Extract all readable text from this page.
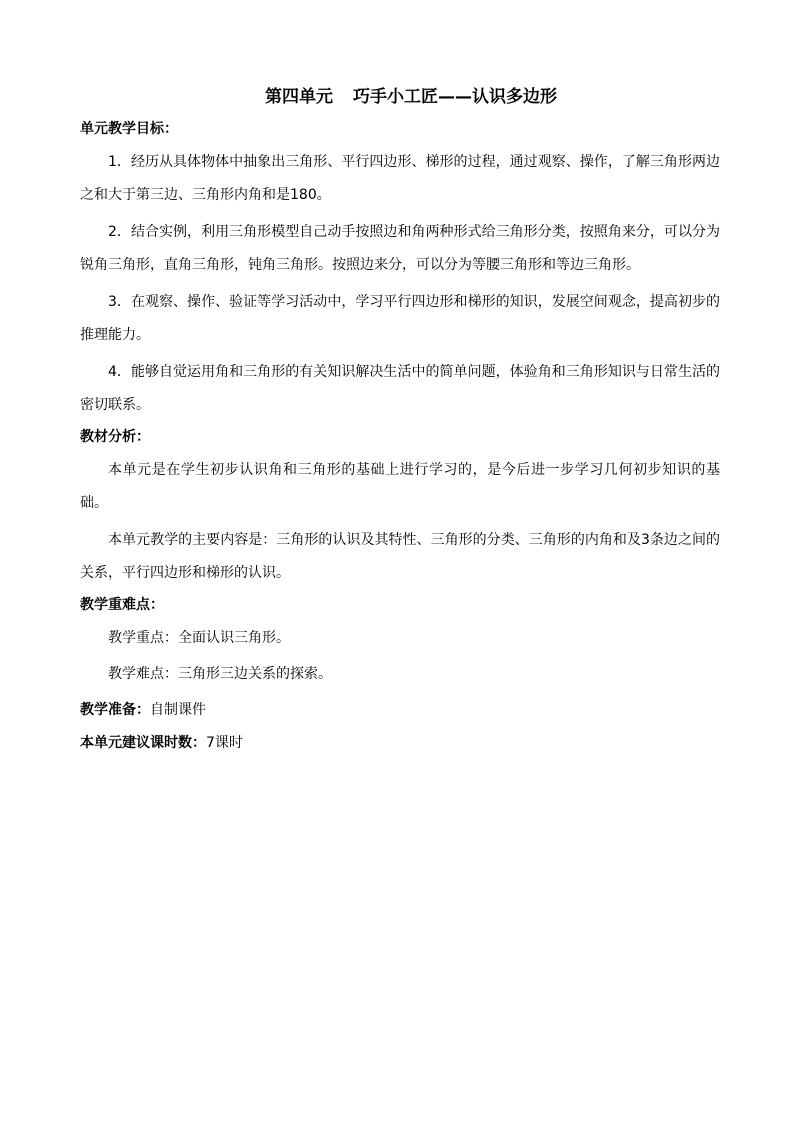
第四单元 巧手小工匠——认识多边形
单元教学目标：

1．经历从具体物体中抽象出三角形、平行四边形、梯形的过程，通过观察、操作，了解三角形两边之和大于第三边、三角形内角和是180。

2．结合实例，利用三角形模型自己动手按照边和角两种形式给三角形分类，按照角来分，可以分为锐角三角形，直角三角形，钝角三角形。按照边来分，可以分为等腰三角形和等边三角形。

3．在观察、操作、验证等学习活动中，学习平行四边形和梯形的知识，发展空间观念，提高初步的推理能力。

4．能够自觉运用角和三角形的有关知识解决生活中的简单问题，体验角和三角形知识与日常生活的密切联系。

教材分析：

本单元是在学生初步认识角和三角形的基础上进行学习的，是今后进一步学习几何初步知识的基础。

本单元教学的主要内容是：三角形的认识及其特性、三角形的分类、三角形的内角和及3条边之间的关系，平行四边形和梯形的认识。

教学重难点：
教学重点：全面认识三角形。
教学难点：三角形三边关系的探索。
教学准备：自制课件
本单元建议课时数：7课时
